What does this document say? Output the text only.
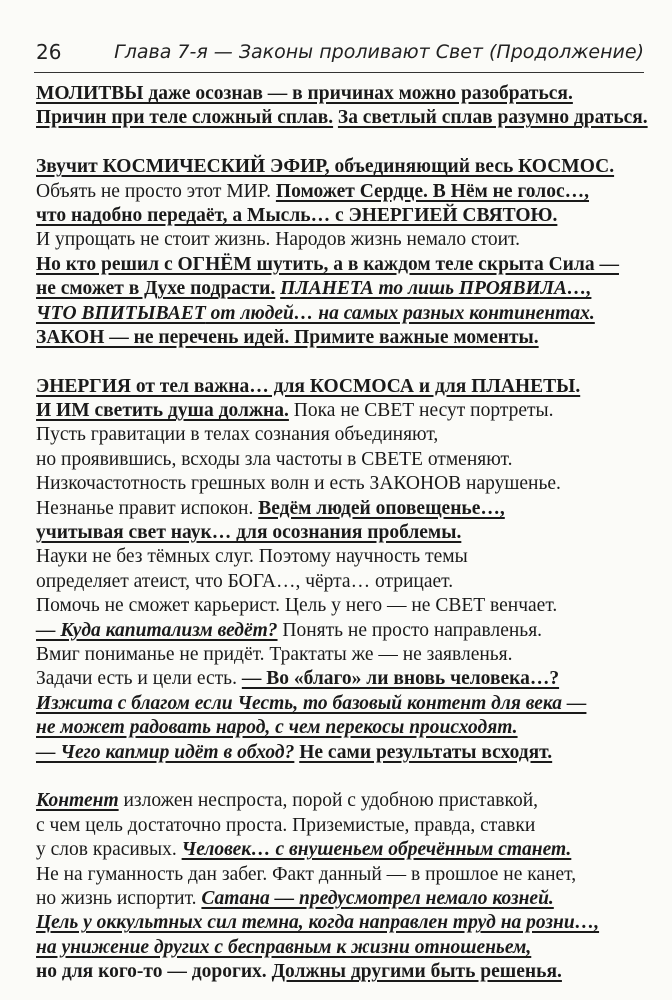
26	Глава 7-я — Законы проливают Свет (Продолжение)
МОЛИТВЫ даже осознав — в причинах можно разобраться.
Причин при теле сложный сплав. За светлый сплав разумно драться.
Звучит КОСМИЧЕСКИЙ ЭФИР, объединяющий весь КОСМОС.
Объять не просто этот МИР. Поможет Сердце. В Нём не голос…,
что надобно передаёт, а Мысль… с ЭНЕРГИЕЙ СВЯТОЮ.
И упрощать не стоит жизнь. Народов жизнь немало стоит.
Но кто решил с ОГНЁМ шутить, а в каждом теле скрыта Сила —
не сможет в Духе подрасти. ПЛАНЕТА то лишь ПРОЯВИЛА…,
ЧТО ВПИТЫВАЕТ от людей… на самых разных континентах.
ЗАКОН — не перечень идей. Примите важные моменты.
ЭНЕРГИЯ от тел важна… для КОСМОСА и для ПЛАНЕТЫ.
И ИМ светить душа должна. Пока не СВЕТ несут портреты.
Пусть гравитации в телах сознания объединяют,
но проявившись, всходы зла частоты в СВЕТЕ отменяют.
Низкочастотность грешных волн и есть ЗАКОНОВ нарушенье.
Незнанье правит испокон. Ведём людей оповещенье…,
учитывая свет наук… для осознания проблемы.
Науки не без тёмных слуг. Поэтому научность темы
определяет атеист, что БОГА…, чёрта… отрицает.
Помочь не сможет карьерист. Цель у него — не СВЕТ венчает.
— Куда капитализм ведёт? Понять не просто направленья.
Вмиг пониманье не придёт. Трактаты же — не заявленья.
Задачи есть и цели есть. — Во «благо» ли вновь человека…?
Изжита с благом если Честь, то базовый контент для века —
не может радовать народ, с чем перекосы происходят.
— Чего капмир идёт в обход? Не сами результаты всходят.
Контент изложен неспроста, порой с удобною приставкой,
с чем цель достаточно проста. Приземистые, правда, ставки
у слов красивых. Человек… с внушеньем обречённым станет.
Не на гуманность дан забег. Факт данный — в прошлое не канет,
но жизнь испортит. Сатана — предусмотрел немало козней.
Цель у оккультных сил темна, когда направлен труд на розни…,
на унижение других с бесправным к жизни отношеньем,
но для кого-то — дорогих. Должны другими быть решенья.
